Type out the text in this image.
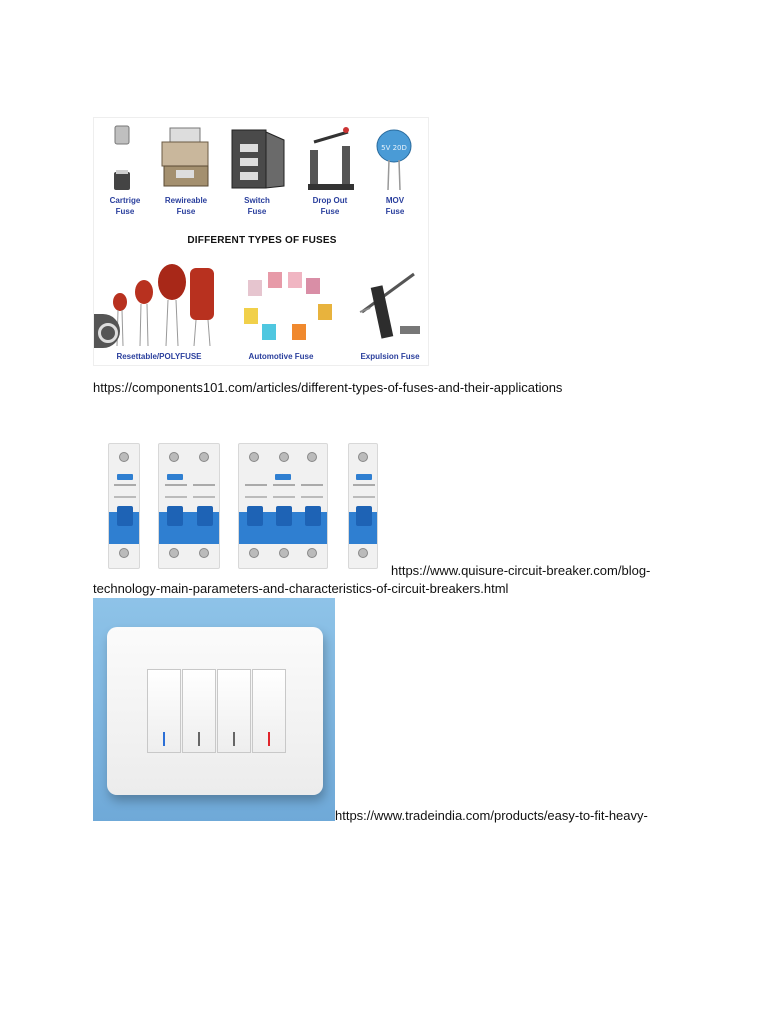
5V 20D
Cartrige
Fuse
Rewireable
Fuse
Switch
Fuse
Drop Out
Fuse
MOV
Fuse
DIFFERENT TYPES OF FUSES
Resettable/POLYFUSE	Automotive Fuse	Expulsion Fuse
https://components101.com/articles/different-types-of-fuses-and-their-applications
https://www.quisure-circuit-breaker.com/blog-
technology-main-parameters-and-characteristics-of-circuit-breakers.html
https://www.tradeindia.com/products/easy-to-fit-heavy-
